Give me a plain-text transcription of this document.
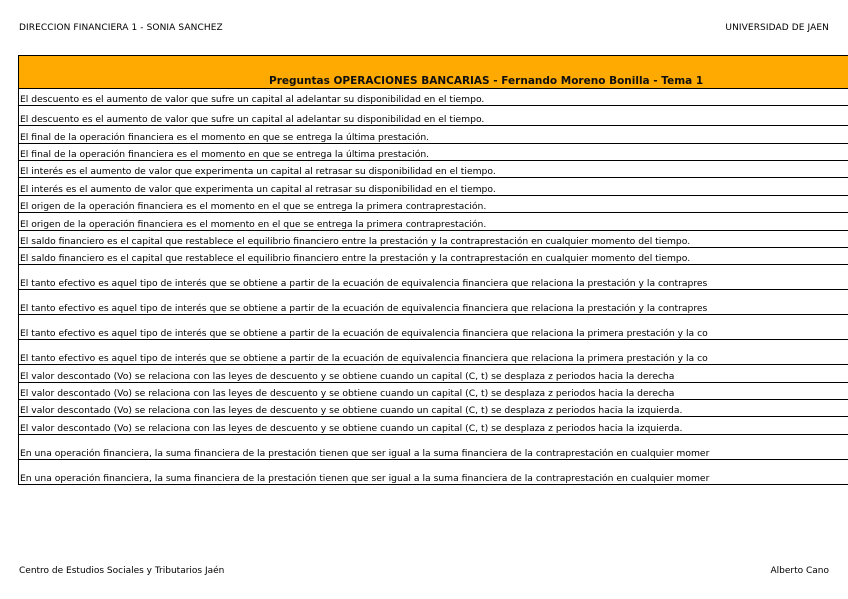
DIRECCION FINANCIERA 1 - SONIA SANCHEZ	UNIVERSIDAD DE JAEN
Preguntas OPERACIONES BANCARIAS - Fernando Moreno Bonilla - Tema 1
El descuento es el aumento de valor que sufre un capital al adelantar su disponibilidad en el tiempo.
El descuento es el aumento de valor que sufre un capital al adelantar su disponibilidad en el tiempo.
El final de la operación financiera es el momento en que se entrega la última prestación.
El final de la operación financiera es el momento en que se entrega la última prestación.
El interés es el aumento de valor que experimenta un capital al retrasar su disponibilidad en el tiempo.
El interés es el aumento de valor que experimenta un capital al retrasar su disponibilidad en el tiempo.
El origen de la operación financiera es el momento en el que se entrega la primera contraprestación.
El origen de la operación financiera es el momento en el que se entrega la primera contraprestación.
El saldo financiero es el capital que restablece el equilibrio financiero entre la prestación y la contraprestación en cualquier momento del tiempo.
El saldo financiero es el capital que restablece el equilibrio financiero entre la prestación y la contraprestación en cualquier momento del tiempo.
El tanto efectivo es aquel tipo de interés que se obtiene a partir de la ecuación de equivalencia financiera que relaciona la prestación y la contrapres
El tanto efectivo es aquel tipo de interés que se obtiene a partir de la ecuación de equivalencia financiera que relaciona la prestación y la contrapres
El tanto efectivo es aquel tipo de interés que se obtiene a partir de la ecuación de equivalencia financiera que relaciona la primera prestación y la co
El tanto efectivo es aquel tipo de interés que se obtiene a partir de la ecuación de equivalencia financiera que relaciona la primera prestación y la co
El valor descontado (Vo) se relaciona con las leyes de descuento y se obtiene cuando un capital (C, t) se desplaza z periodos hacia la derecha
El valor descontado (Vo) se relaciona con las leyes de descuento y se obtiene cuando un capital (C, t) se desplaza z periodos hacia la derecha
El valor descontado (Vo) se relaciona con las leyes de descuento y se obtiene cuando un capital (C, t) se desplaza z periodos hacia la izquierda.
El valor descontado (Vo) se relaciona con las leyes de descuento y se obtiene cuando un capital (C, t) se desplaza z periodos hacia la izquierda.
En una operación financiera, la suma financiera de la prestación tienen que ser igual a la suma financiera de la contraprestación en cualquier momer
En una operación financiera, la suma financiera de la prestación tienen que ser igual a la suma financiera de la contraprestación en cualquier momer
Centro de Estudios Sociales y Tributarios Jaén	Alberto Cano
